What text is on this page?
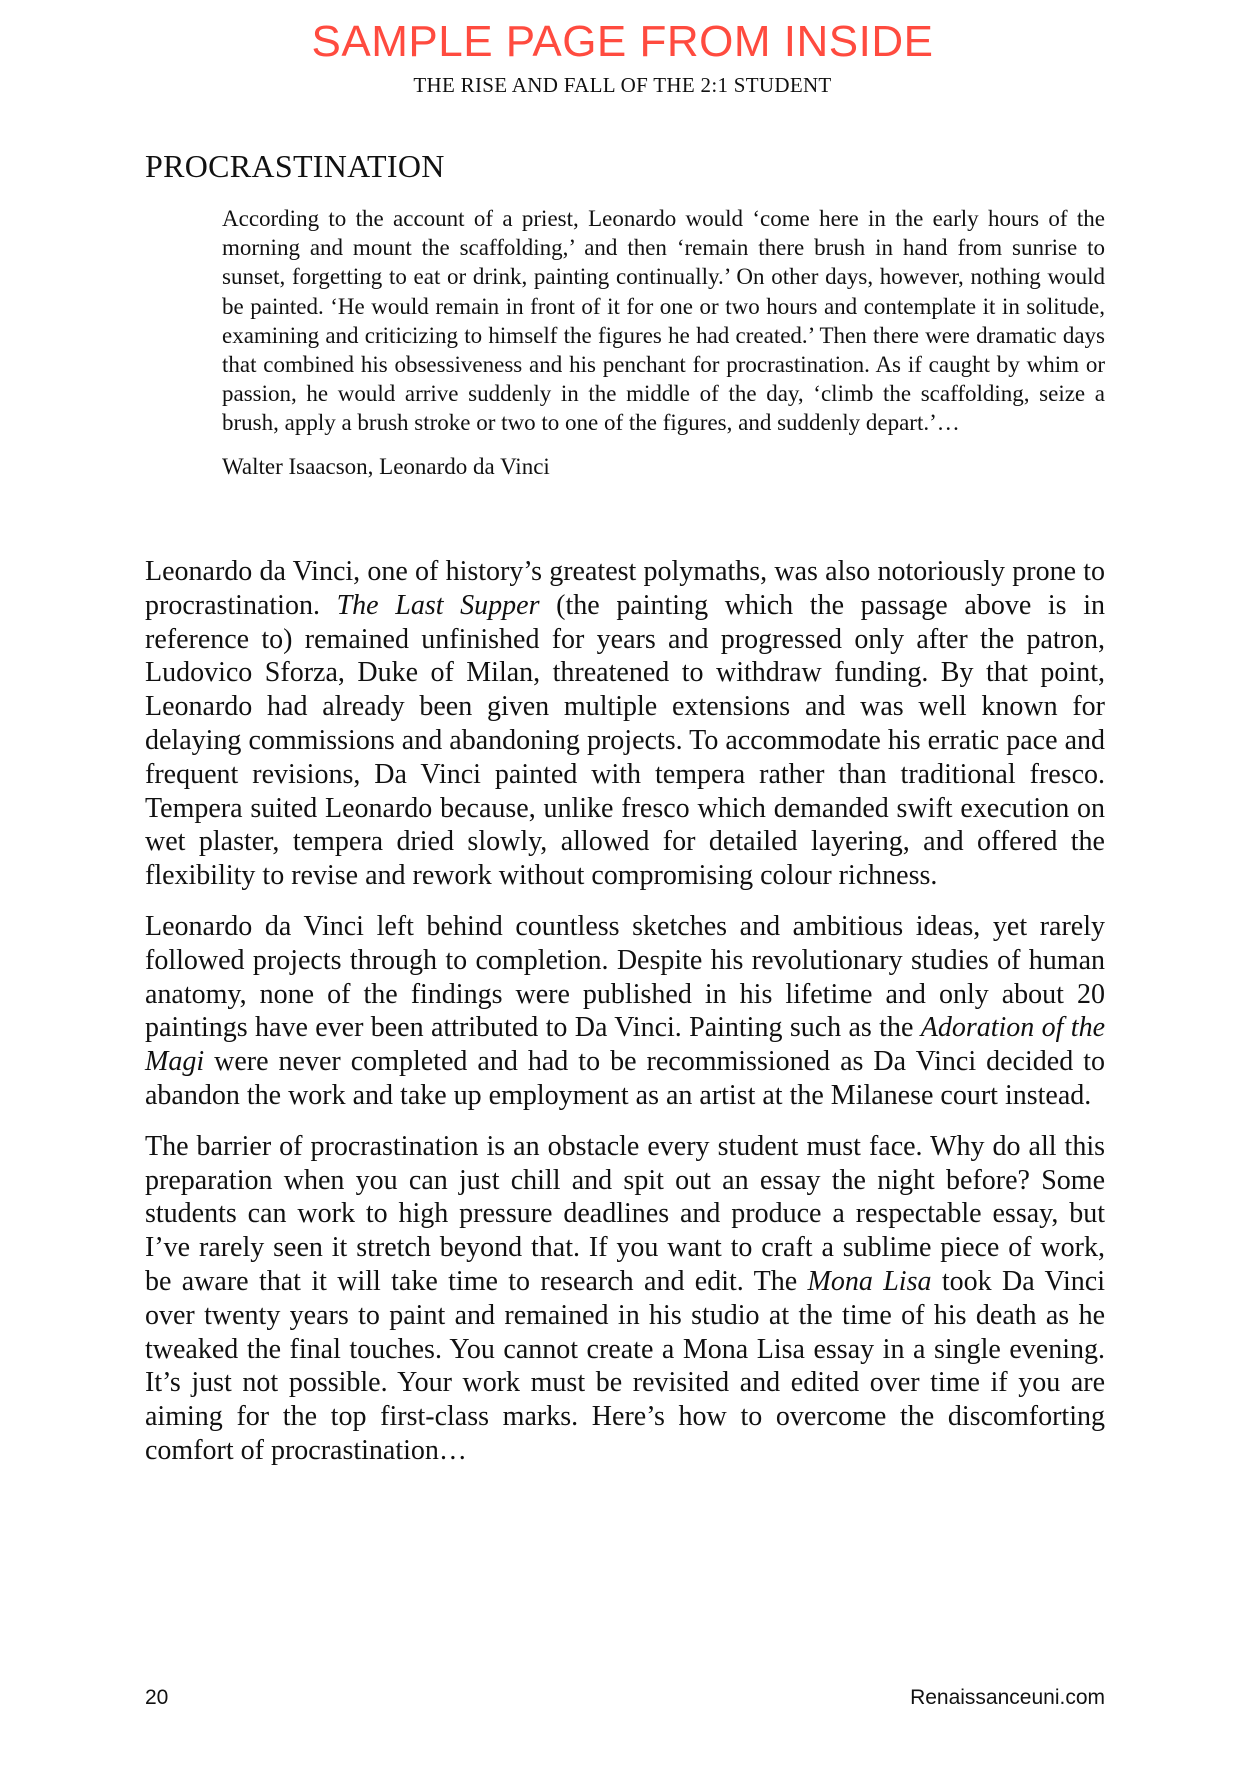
SAMPLE PAGE FROM INSIDE
THE RISE AND FALL OF THE 2:1 STUDENT
PROCRASTINATION

According to the account of a priest, Leonardo would ‘come here in the early hours of the morning and mount the scaffolding,’ and then ‘remain there brush in hand from sunrise to sunset, forgetting to eat or drink, painting continually.’ On other days, however, nothing would be painted. ‘He would remain in front of it for one or two hours and contemplate it in solitude, examining and criticizing to himself the figures he had created.’ Then there were dramatic days that combined his obsessiveness and his penchant for procrastination. As if caught by whim or passion, he would arrive suddenly in the middle of the day, ‘climb the scaffolding, seize a brush, apply a brush stroke or two to one of the figures, and suddenly depart.’…

Walter Isaacson, Leonardo da Vinci

Leonardo da Vinci, one of history’s greatest polymaths, was also notoriously prone to procrastination. The Last Supper (the painting which the passage above is in reference to) remained unfinished for years and progressed only after the patron, Ludovico Sforza, Duke of Milan, threatened to withdraw funding. By that point, Leonardo had already been given multiple extensions and was well known for delaying commissions and abandoning projects. To accommodate his erratic pace and frequent revisions, Da Vinci painted with tempera rather than traditional fresco. Tempera suited Leonardo because, unlike fresco which demanded swift execution on wet plaster, tempera dried slowly, allowed for detailed layering, and offered the flexibility to revise and rework without compromising colour richness.

Leonardo da Vinci left behind countless sketches and ambitious ideas, yet rarely followed projects through to completion. Despite his revolutionary studies of human anatomy, none of the findings were published in his lifetime and only about 20 paintings have ever been attributed to Da Vinci. Painting such as the Adoration of the Magi were never completed and had to be recommissioned as Da Vinci decided to abandon the work and take up employment as an artist at the Milanese court instead.

The barrier of procrastination is an obstacle every student must face. Why do all this preparation when you can just chill and spit out an essay the night before? Some students can work to high pressure deadlines and produce a respectable essay, but I’ve rarely seen it stretch beyond that. If you want to craft a sublime piece of work, be aware that it will take time to research and edit. The Mona Lisa took Da Vinci over twenty years to paint and remained in his studio at the time of his death as he tweaked the final touches. You cannot create a Mona Lisa essay in a single evening. It’s just not possible. Your work must be revisited and edited over time if you are aiming for the top first-class marks. Here’s how to overcome the discomforting comfort of procrastination…

20	Renaissanceuni.com
